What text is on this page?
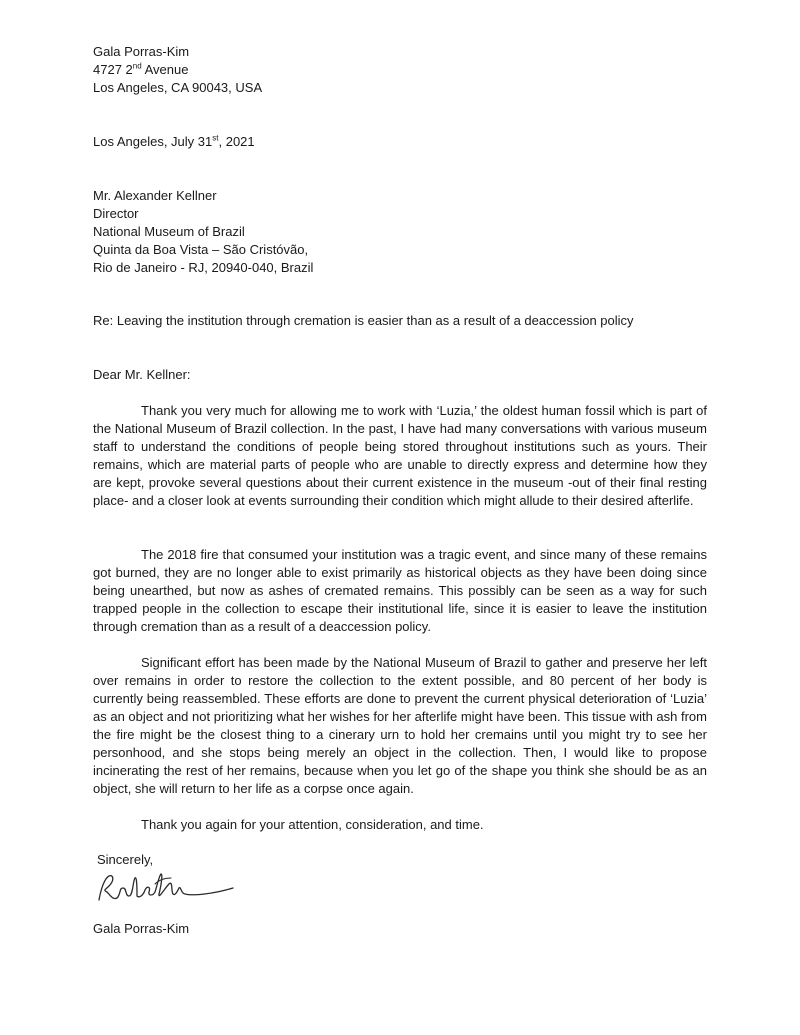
Gala Porras-Kim
4727 2nd Avenue
Los Angeles, CA 90043, USA
Los Angeles, July 31st, 2021
Mr. Alexander Kellner
Director
National Museum of Brazil
Quinta da Boa Vista – São Cristóvão,
Rio de Janeiro - RJ, 20940-040, Brazil
Re: Leaving the institution through cremation is easier than as a result of a deaccession policy
Dear Mr. Kellner:

Thank you very much for allowing me to work with ‘Luzia,’ the oldest human fossil which is part of the National Museum of Brazil collection. In the past, I have had many conversations with various museum staff to understand the conditions of people being stored throughout institutions such as yours. Their remains, which are material parts of people who are unable to directly express and determine how they are kept, provoke several questions about their current existence in the museum -out of their final resting place- and a closer look at events surrounding their condition which might allude to their desired afterlife.

The 2018 fire that consumed your institution was a tragic event, and since many of these remains got burned, they are no longer able to exist primarily as historical objects as they have been doing since being unearthed, but now as ashes of cremated remains. This possibly can be seen as a way for such trapped people in the collection to escape their institutional life, since it is easier to leave the institution through cremation than as a result of a deaccession policy.

Significant effort has been made by the National Museum of Brazil to gather and preserve her left over remains in order to restore the collection to the extent possible, and 80 percent of her body is currently being reassembled. These efforts are done to prevent the current physical deterioration of ‘Luzia’ as an object and not prioritizing what her wishes for her afterlife might have been. This tissue with ash from the fire might be the closest thing to a cinerary urn to hold her cremains until you might try to see her personhood, and she stops being merely an object in the collection. Then, I would like to propose incinerating the rest of her remains, because when you let go of the shape you think she should be as an object, she will return to her life as a corpse once again.

Thank you again for your attention, consideration, and time.

Sincerely,
Gala Porras-Kim
